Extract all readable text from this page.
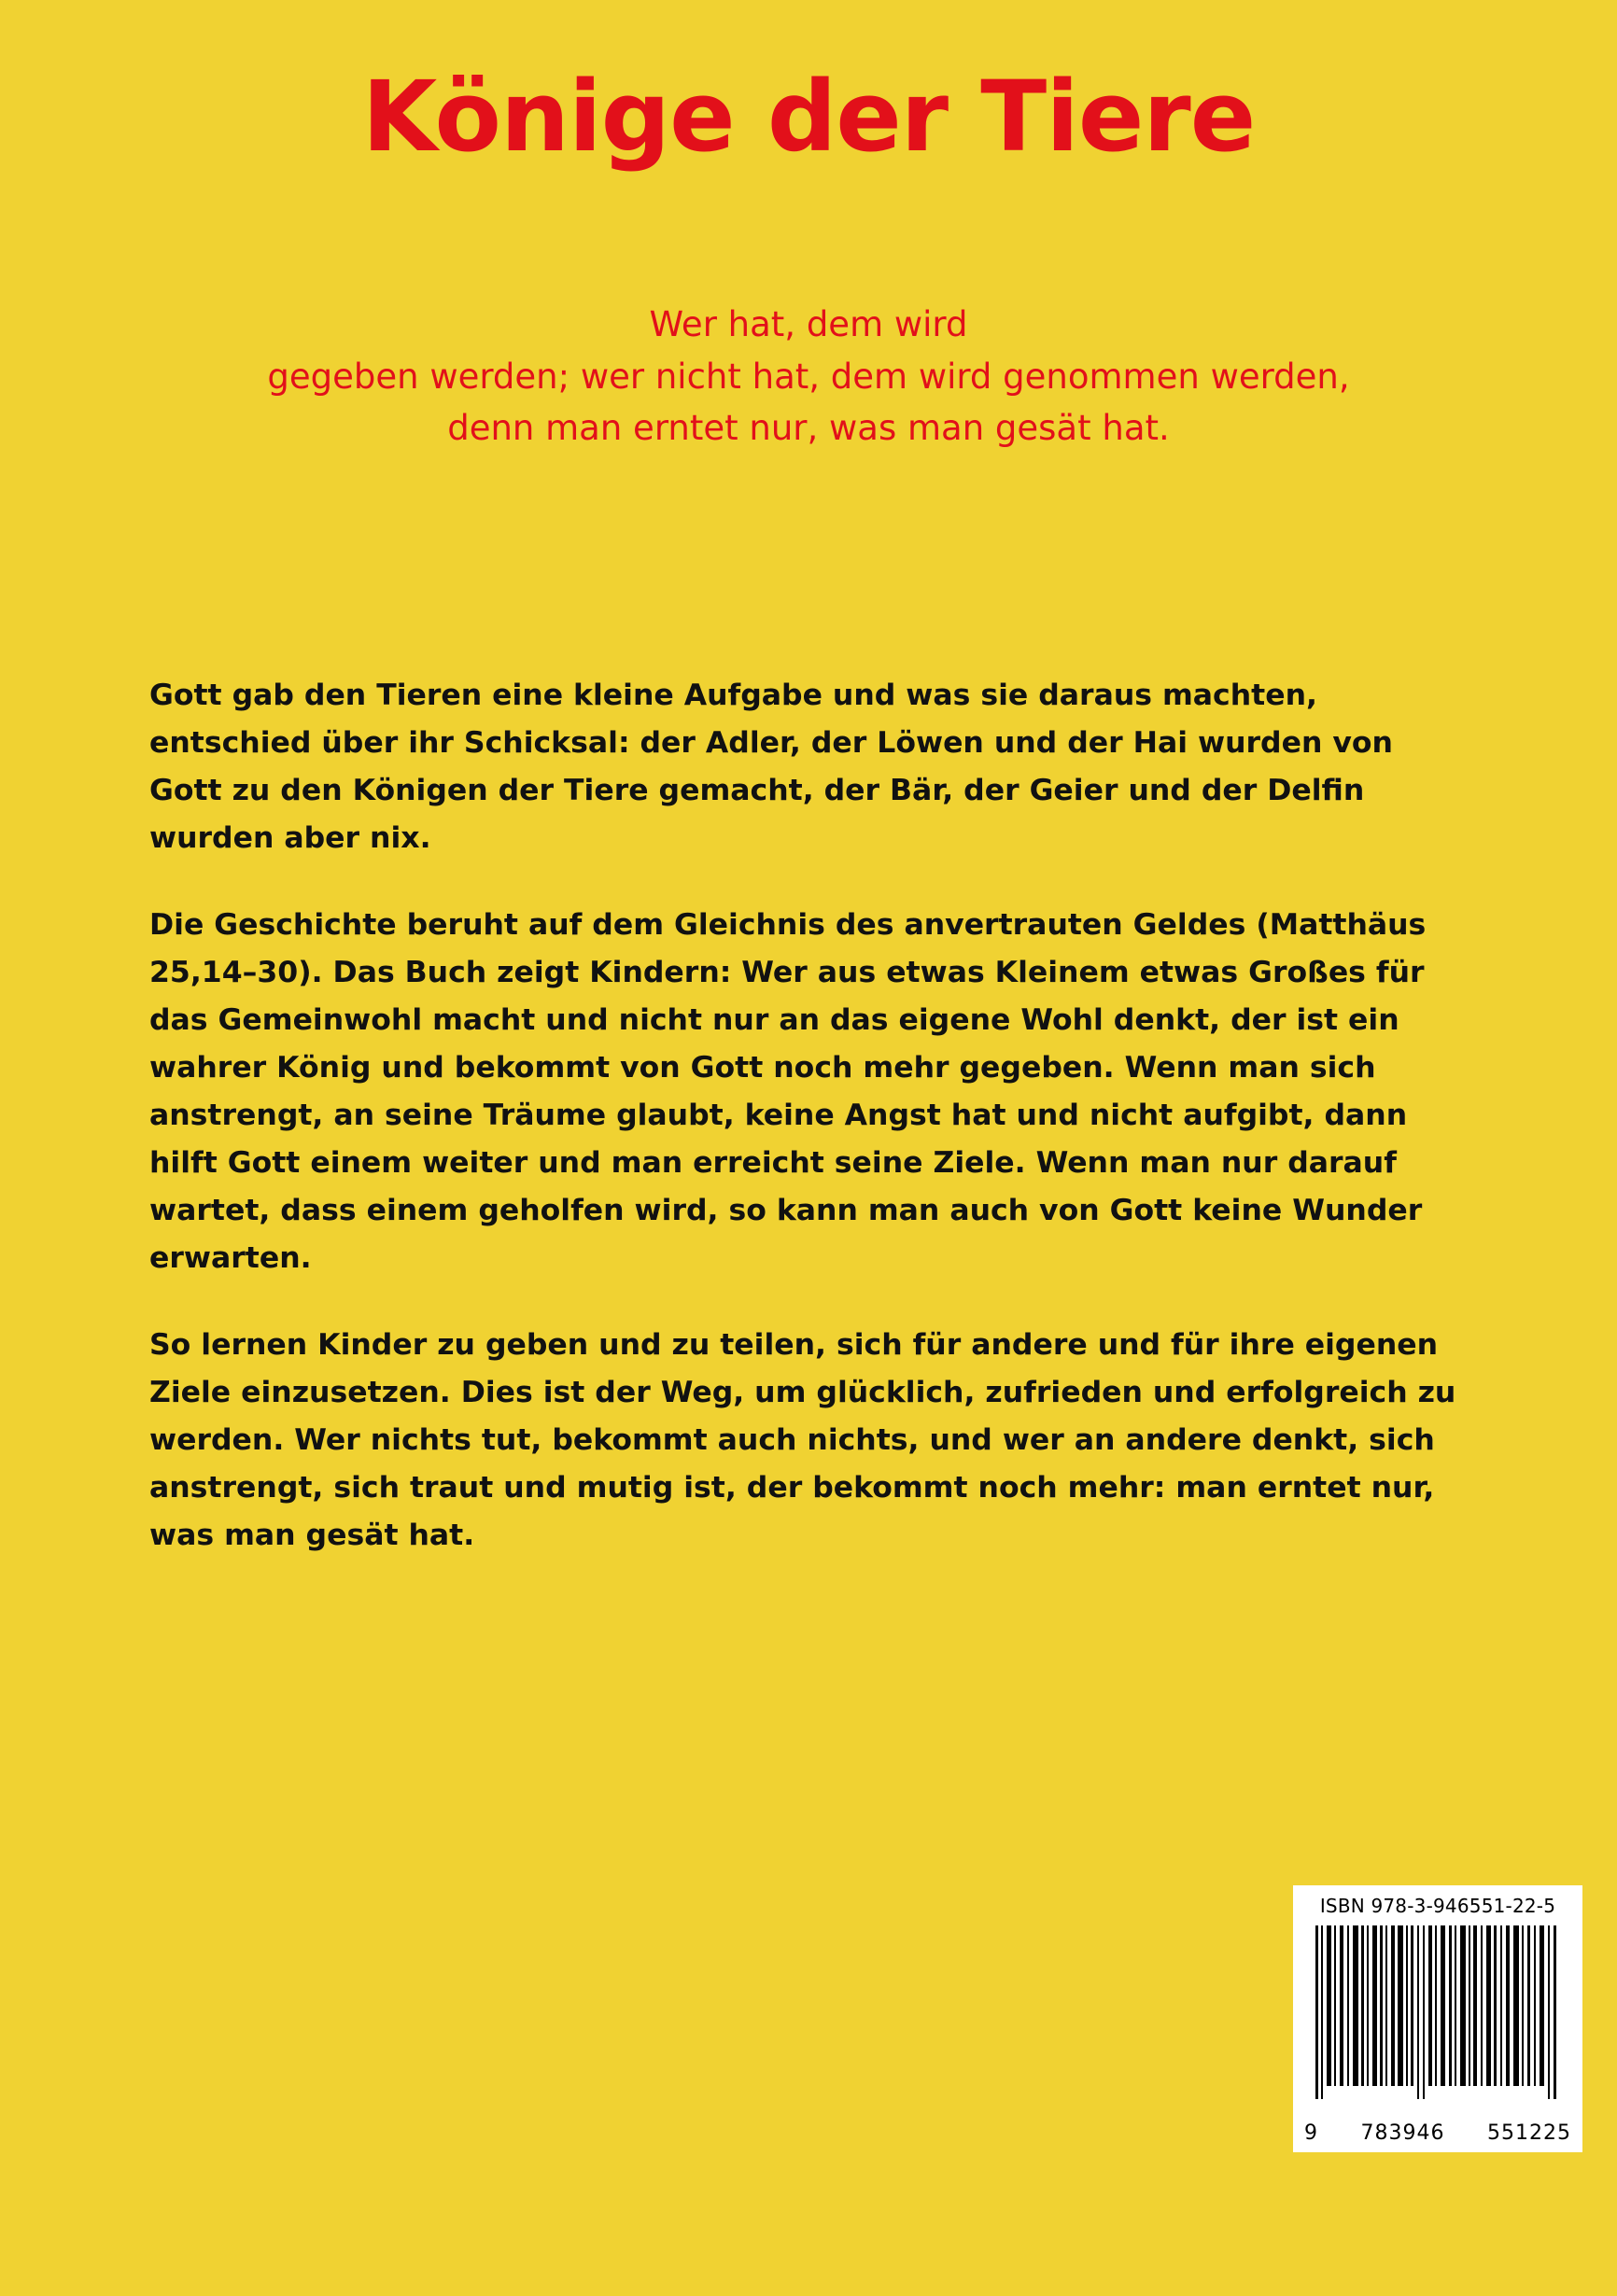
Könige der Tiere
Wer hat, dem wird
gegeben werden; wer nicht hat, dem wird genommen werden,
denn man erntet nur, was man gesät hat.

Gott gab den Tieren eine kleine Aufgabe und was sie daraus machten, entschied über ihr Schicksal: der Adler, der Löwen und der Hai wurden von Gott zu den Königen der Tiere gemacht, der Bär, der Geier und der Delfin wurden aber nix.

Die Geschichte beruht auf dem Gleichnis des anvertrauten Geldes (Matthäus 25,14–30). Das Buch zeigt Kindern: Wer aus etwas Kleinem etwas Großes für das Gemeinwohl macht und nicht nur an das eigene Wohl denkt, der ist ein wahrer König und bekommt von Gott noch mehr gegeben. Wenn man sich anstrengt, an seine Träume glaubt, keine Angst hat und nicht aufgibt, dann hilft Gott einem weiter und man erreicht seine Ziele. Wenn man nur darauf wartet, dass einem geholfen wird, so kann man auch von Gott keine Wunder erwarten.

So lernen Kinder zu geben und zu teilen, sich für andere und für ihre eigenen Ziele einzusetzen. Dies ist der Weg, um glücklich, zufrieden und erfolgreich zu werden. Wer nichts tut, bekommt auch nichts, und wer an andere denkt, sich anstrengt, sich traut und mutig ist, der bekommt noch mehr: man erntet nur, was man gesät hat.

ISBN 978-3-946551-22-5
9 783946 551225
